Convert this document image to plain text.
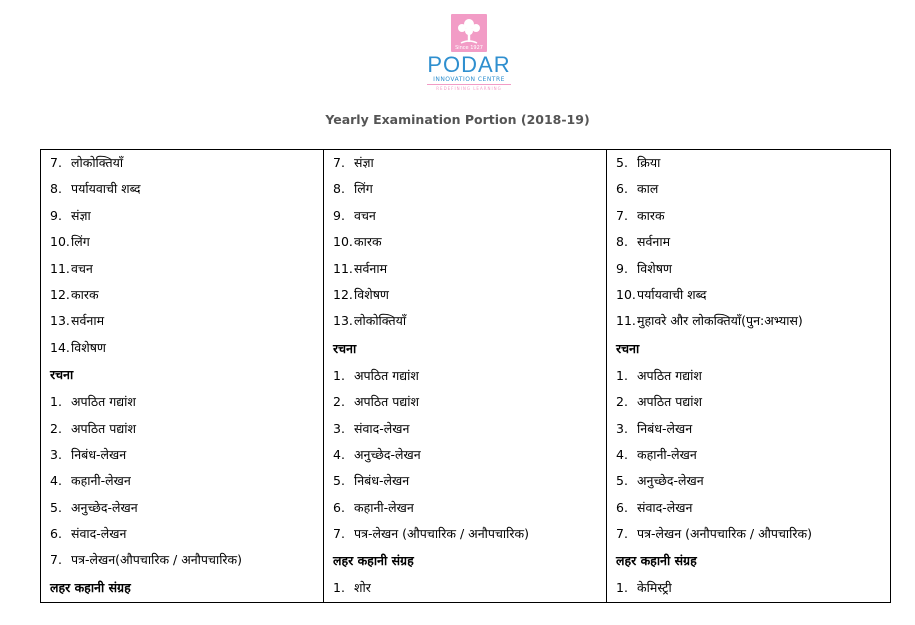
Since 1927
PODAR
INNOVATION CENTRE
REDEFINING LEARNING
Yearly Examination Portion (2018-19)
7. लोकोक्तियाँ
8. पर्यायवाची शब्द
9. संज्ञा
10.लिंग
11.वचन
12.कारक
13.सर्वनाम
14.विशेषण
रचना
1. अपठित गद्यांश
2. अपठित पद्यांश
3. निबंध-लेखन
4. कहानी-लेखन
5. अनुच्छेद-लेखन
6. संवाद-लेखन
7. पत्र-लेखन(औपचारिक / अनौपचारिक)
लहर कहानी संग्रह

7. संज्ञा
8. लिंग
9. वचन
10.कारक
11.सर्वनाम
12.विशेषण
13.लोकोक्तियाँ
रचना
1. अपठित गद्यांश
2. अपठित पद्यांश
3. संवाद-लेखन
4. अनुच्छेद-लेखन
5. निबंध-लेखन
6. कहानी-लेखन
7. पत्र-लेखन (औपचारिक / अनौपचारिक)
लहर कहानी संग्रह
1. शोर

5. क्रिया
6. काल
7. कारक
8. सर्वनाम
9. विशेषण
10.पर्यायवाची शब्द
11.मुहावरे और लोकक्तियाँ(पुन:अभ्यास)
रचना
1. अपठित गद्यांश
2. अपठित पद्यांश
3. निबंध-लेखन
4. कहानी-लेखन
5. अनुच्छेद-लेखन
6. संवाद-लेखन
7. पत्र-लेखन (अनौपचारिक / औपचारिक)
लहर कहानी संग्रह
1. केमिस्ट्री
